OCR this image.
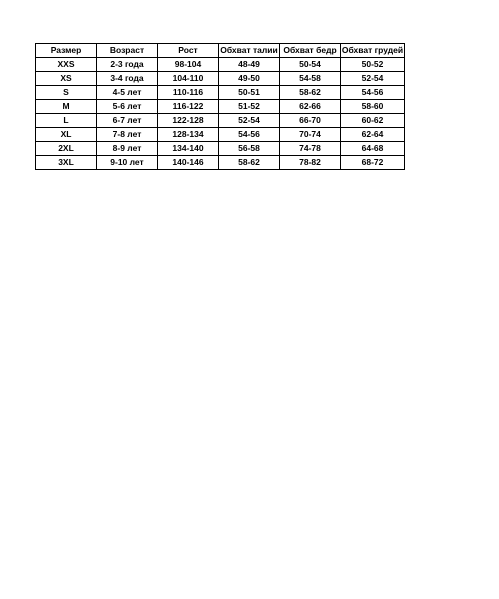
Размер	Возраст	Рост	Обхват талии	Обхват бедр	Обхват грудей
XXS	2-3 года	98-104	48-49	50-54	50-52
XS	3-4 года	104-110	49-50	54-58	52-54
S	4-5 лет	110-116	50-51	58-62	54-56
M	5-6 лет	116-122	51-52	62-66	58-60
L	6-7 лет	122-128	52-54	66-70	60-62
XL	7-8 лет	128-134	54-56	70-74	62-64
2XL	8-9 лет	134-140	56-58	74-78	64-68
3XL	9-10 лет	140-146	58-62	78-82	68-72
